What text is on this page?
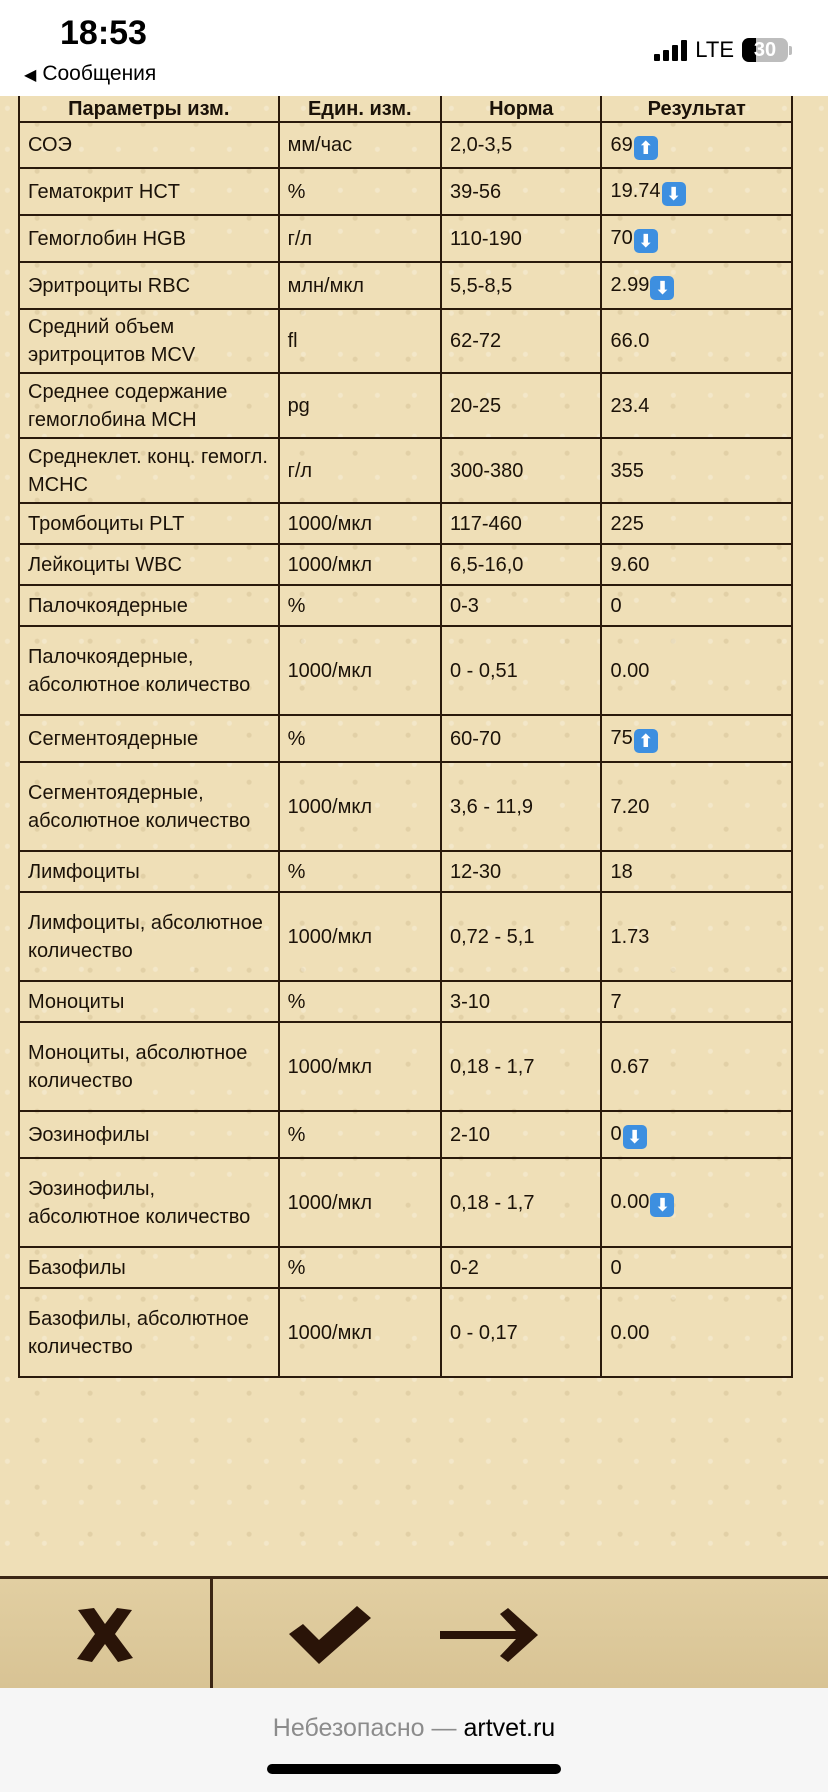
18:53
◀ Сообщения
LTE 30
Параметры изм.	Един. изм.	Норма	Результат
СОЭ	мм/час	2,0-3,5	69 ⬆
Гематокрит HCT	%	39-56	19.74 ⬇
Гемоглобин HGB	г/л	110-190	70 ⬇
Эритроциты RBC	млн/мкл	5,5-8,5	2.99 ⬇
Средний объем эритроцитов MCV	fl	62-72	66.0
Среднее содержание гемоглобина MCH	pg	20-25	23.4
Среднеклет. конц. гемогл. MCHC	г/л	300-380	355
Тромбоциты PLT	1000/мкл	117-460	225
Лейкоциты WBC	1000/мкл	6,5-16,0	9.60
Палочкоядерные	%	0-3	0
Палочкоядерные, абсолютное количество	1000/мкл	0 - 0,51	0.00
Сегментоядерные	%	60-70	75 ⬆
Сегментоядерные, абсолютное количество	1000/мкл	3,6 - 11,9	7.20
Лимфоциты	%	12-30	18
Лимфоциты, абсолютное количество	1000/мкл	0,72 - 5,1	1.73
Моноциты	%	3-10	7
Моноциты, абсолютное количество	1000/мкл	0,18 - 1,7	0.67
Эозинофилы	%	2-10	0 ⬇
Эозинофилы, абсолютное количество	1000/мкл	0,18 - 1,7	0.00 ⬇
Базофилы	%	0-2	0
Базофилы, абсолютное количество	1000/мкл	0 - 0,17	0.00
Небезопасно — artvet.ru
